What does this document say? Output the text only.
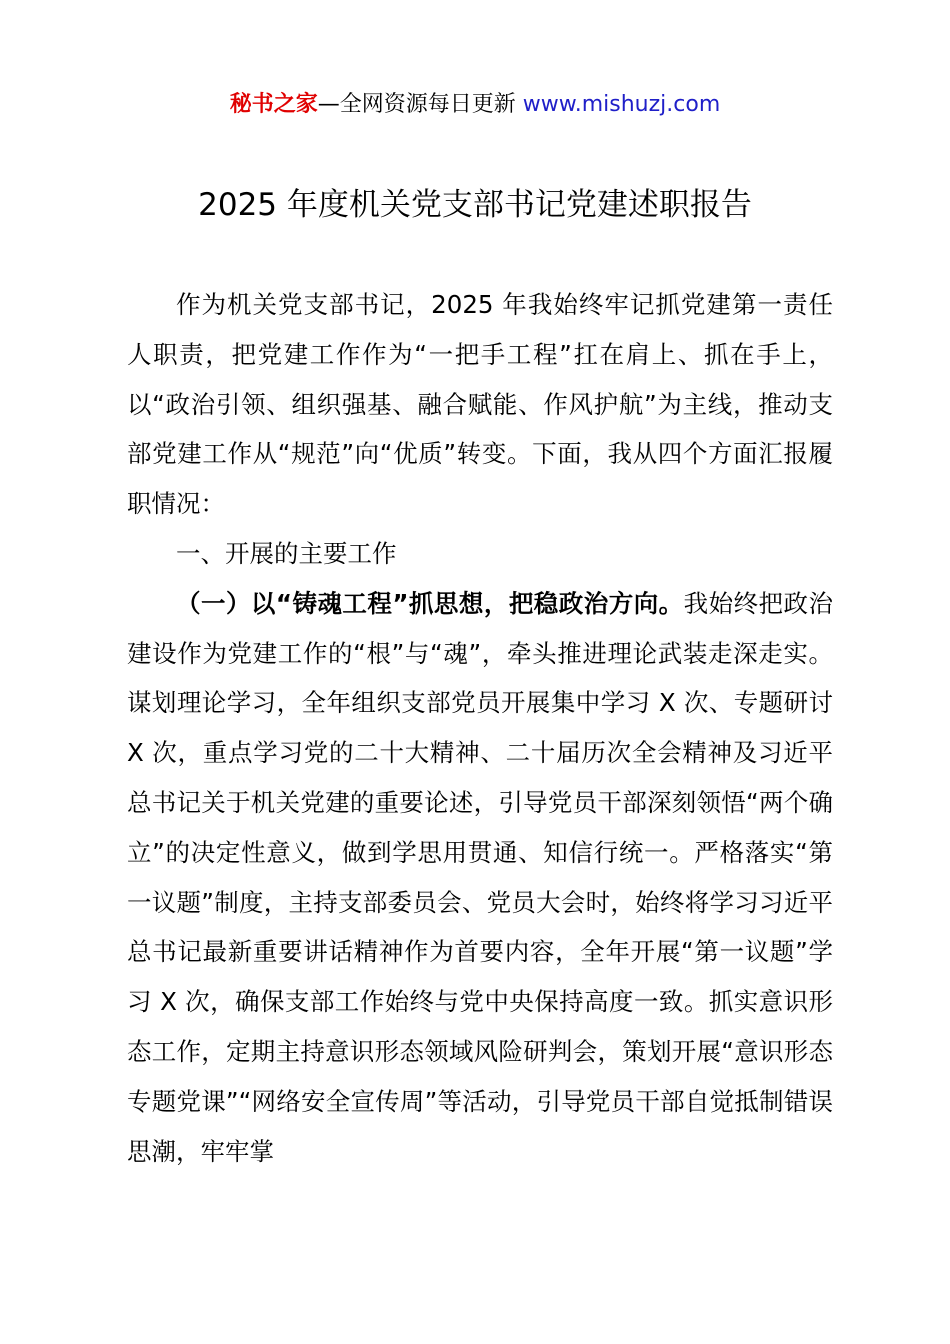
秘书之家—全网资源每日更新 www.mishuzj.com
2025 年度机关党支部书记党建述职报告

作为机关党支部书记，2025 年我始终牢记抓党建第一责任人职责，把党建工作作为“一把手工程”扛在肩上、抓在手上，以“政治引领、组织强基、融合赋能、作风护航”为主线，推动支部党建工作从“规范”向“优质”转变。下面，我从四个方面汇报履职情况：

一、开展的主要工作

（一）以“铸魂工程”抓思想，把稳政治方向。我始终把政治建设作为党建工作的“根”与“魂”，牵头推进理论武装走深走实。谋划理论学习，全年组织支部党员开展集中学习 X 次、专题研讨 X 次，重点学习党的二十大精神、二十届历次全会精神及习近平总书记关于机关党建的重要论述，引导党员干部深刻领悟“两个确立”的决定性意义，做到学思用贯通、知信行统一。严格落实“第一议题”制度，主持支部委员会、党员大会时，始终将学习习近平总书记最新重要讲话精神作为首要内容，全年开展“第一议题”学习 X 次，确保支部工作始终与党中央保持高度一致。抓实意识形态工作，定期主持意识形态领域风险研判会，策划开展“意识形态专题党课”“网络安全宣传周”等活动，引导党员干部自觉抵制错误思潮，牢牢掌
